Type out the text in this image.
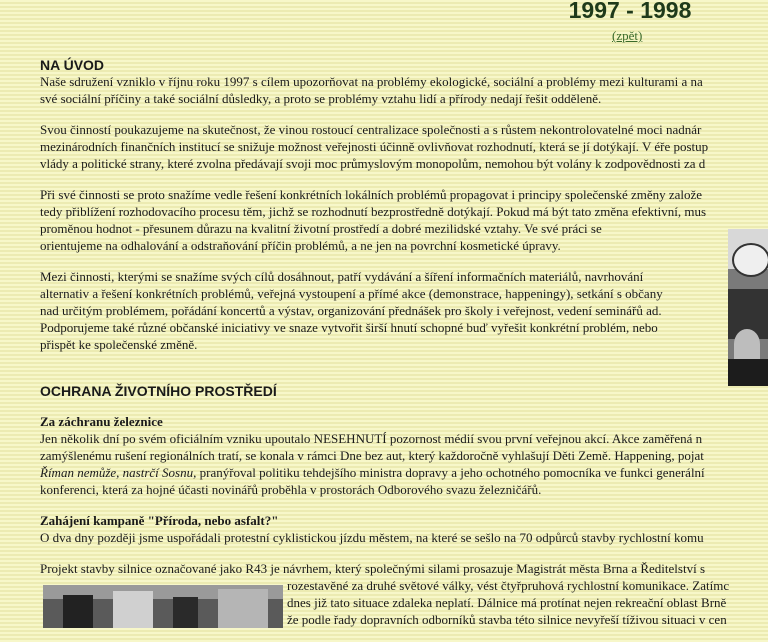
1997 - 1998
(zpět)
NA ÚVOD
Naše sdružení vzniklo v říjnu roku 1997 s cílem upozorňovat na problémy ekologické, sociální a problémy mezi kulturami a na
své sociální příčiny a také sociální důsledky, a proto se problémy vztahu lidí a přírody nedají řešit odděleně.
Svou činností poukazujeme na skutečnost, že vinou rostoucí centralizace společnosti a s růstem nekontrolovatelné moci nadnár
mezinárodních finančních institucí se snižuje možnost veřejnosti účinně ovlivňovat rozhodnutí, která se jí dotýkají. V éře postup
vlády a politické strany, které zvolna předávají svoji moc průmyslovým monopolům, nemohou být volány k zodpovědnosti za d
Při své činnosti se proto snažíme vedle řešení konkrétních lokálních problémů propagovat i principy společenské změny založe
tedy přiblížení rozhodovacího procesu těm, jichž se rozhodnutí bezprostředně dotýkají. Pokud má být tato změna efektivní, mus
proměnou hodnot - přesunem důrazu na kvalitní životní prostředí a dobré mezilidské vztahy. Ve své práci se
orientujeme na odhalování a odstraňování příčin problémů, a ne jen na povrchní kosmetické úpravy.
Mezi činnosti, kterými se snažíme svých cílů dosáhnout, patří vydávání a šíření informačních materiálů, navrhování
alternativ a řešení konkrétních problémů, veřejná vystoupení a přímé akce (demonstrace, happeningy), setkání s občany
nad určitým problémem, pořádání koncertů a výstav, organizování přednášek pro školy i veřejnost, vedení seminářů ad.
Podporujeme také různé občanské iniciativy ve snaze vytvořit širší hnutí schopné buď vyřešit konkrétní problém, nebo
přispět ke společenské změně.
OCHRANA ŽIVOTNÍHO PROSTŘEDÍ
Za záchranu železnice
Jen několik dní po svém oficiálním vzniku upoutalo NESEHNUTÍ pozornost médií svou první veřejnou akcí. Akce zaměřená n
zamýšlenému rušení regionálních tratí, se konala v rámci Dne bez aut, který každoročně vyhlašují Děti Země. Happening, pojat
Říman nemůže, nastrčí Sosnu, pranýřoval politiku tehdejšího ministra dopravy a jeho ochotného pomocníka ve funkci generální
konferenci, která za hojné účasti novinářů proběhla v prostorách Odborového svazu železničářů.
Zahájení kampaně "Příroda, nebo asfalt?"
O dva dny později jsme uspořádali protestní cyklistickou jízdu městem, na které se sešlo na 70 odpůrců stavby rychlostní komu
Projekt stavby silnice označované jako R43 je návrhem, který společnými silami prosazuje Magistrát města Brna a Ředitelství s
rozestavěné za druhé světové války, vést čtyřpruhová rychlostní komunikace. Zatímc
dnes již tato situace zdaleka neplatí. Dálnice má protínat nejen rekreační oblast Brně
že podle řady dopravních odborníků stavba této silnice nevyřeší tíživou situaci v cen
